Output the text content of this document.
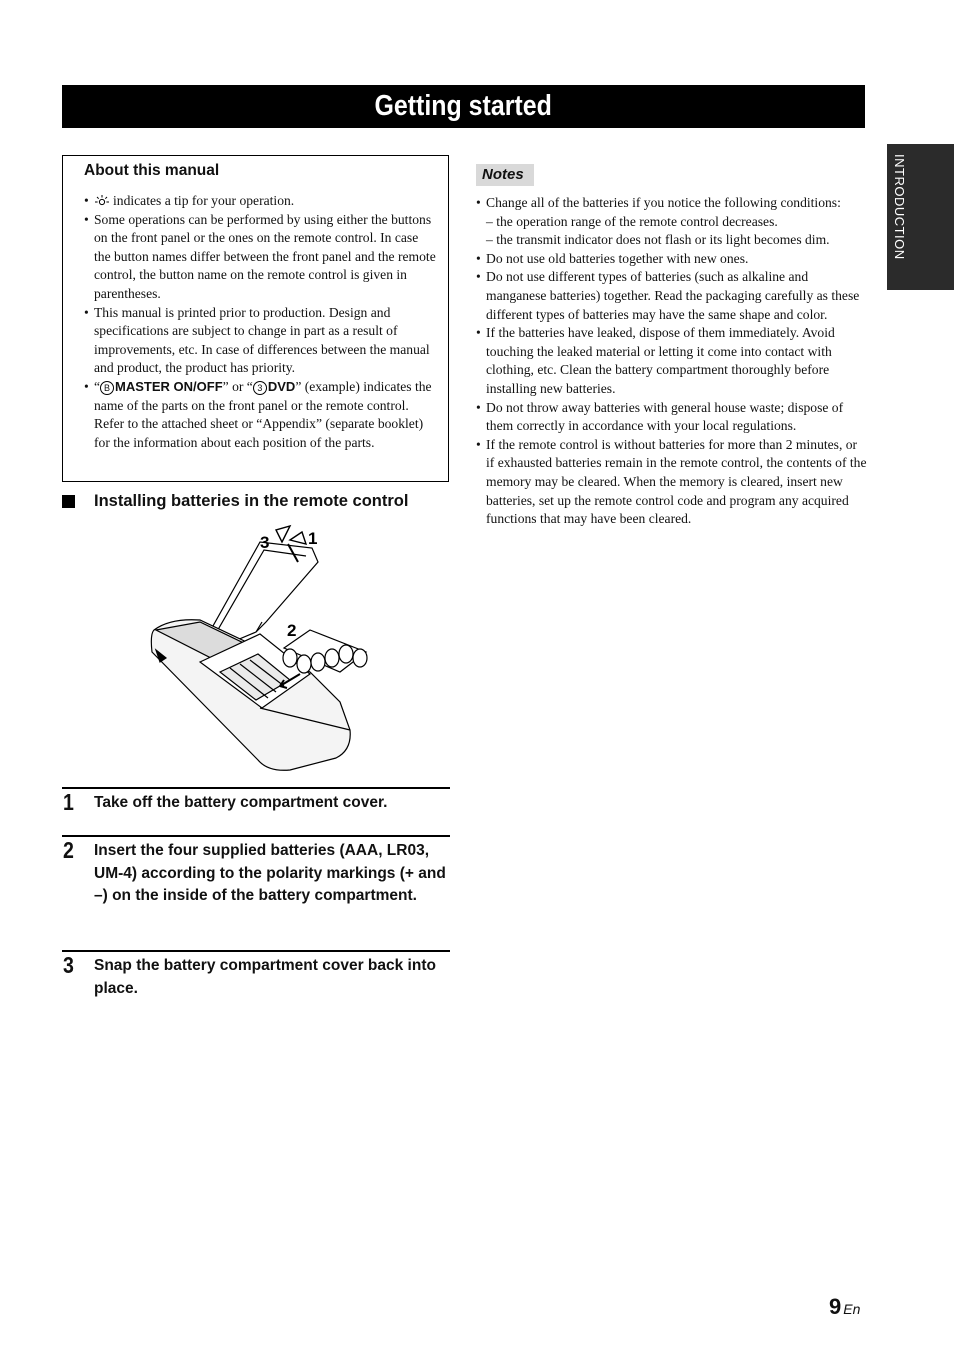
Getting started
INTRODUCTION
About this manual
• indicates a tip for your operation.
• Some operations can be performed by using either the buttons on the front panel or the ones on the remote control. In case the button names differ between the front panel and the remote control, the button name on the remote control is given in parentheses.
• This manual is printed prior to production. Design and specifications are subject to change in part as a result of improvements, etc. In case of differences between the manual and product, the product has priority.
• “ B MASTER ON/OFF” or “ 3 DVD” (example) indicates the name of the parts on the front panel or the remote control. Refer to the attached sheet or “Appendix” (separate booklet) for the information about each position of the parts.
Installing batteries in the remote control
3 1
2
1 Take off the battery compartment cover.
2 Insert the four supplied batteries (AAA, LR03, UM-4) according to the polarity markings (+ and –) on the inside of the battery compartment.
3 Snap the battery compartment cover back into place.
Notes
• Change all of the batteries if you notice the following conditions:
– the operation range of the remote control decreases.
– the transmit indicator does not flash or its light becomes dim.
• Do not use old batteries together with new ones.
• Do not use different types of batteries (such as alkaline and manganese batteries) together. Read the packaging carefully as these different types of batteries may have the same shape and color.
• If the batteries have leaked, dispose of them immediately. Avoid touching the leaked material or letting it come into contact with clothing, etc. Clean the battery compartment thoroughly before installing new batteries.
• Do not throw away batteries with general house waste; dispose of them correctly in accordance with your local regulations.
• If the remote control is without batteries for more than 2 minutes, or if exhausted batteries remain in the remote control, the contents of the memory may be cleared. When the memory is cleared, insert new batteries, set up the remote control code and program any acquired functions that may have been cleared.
9 En
